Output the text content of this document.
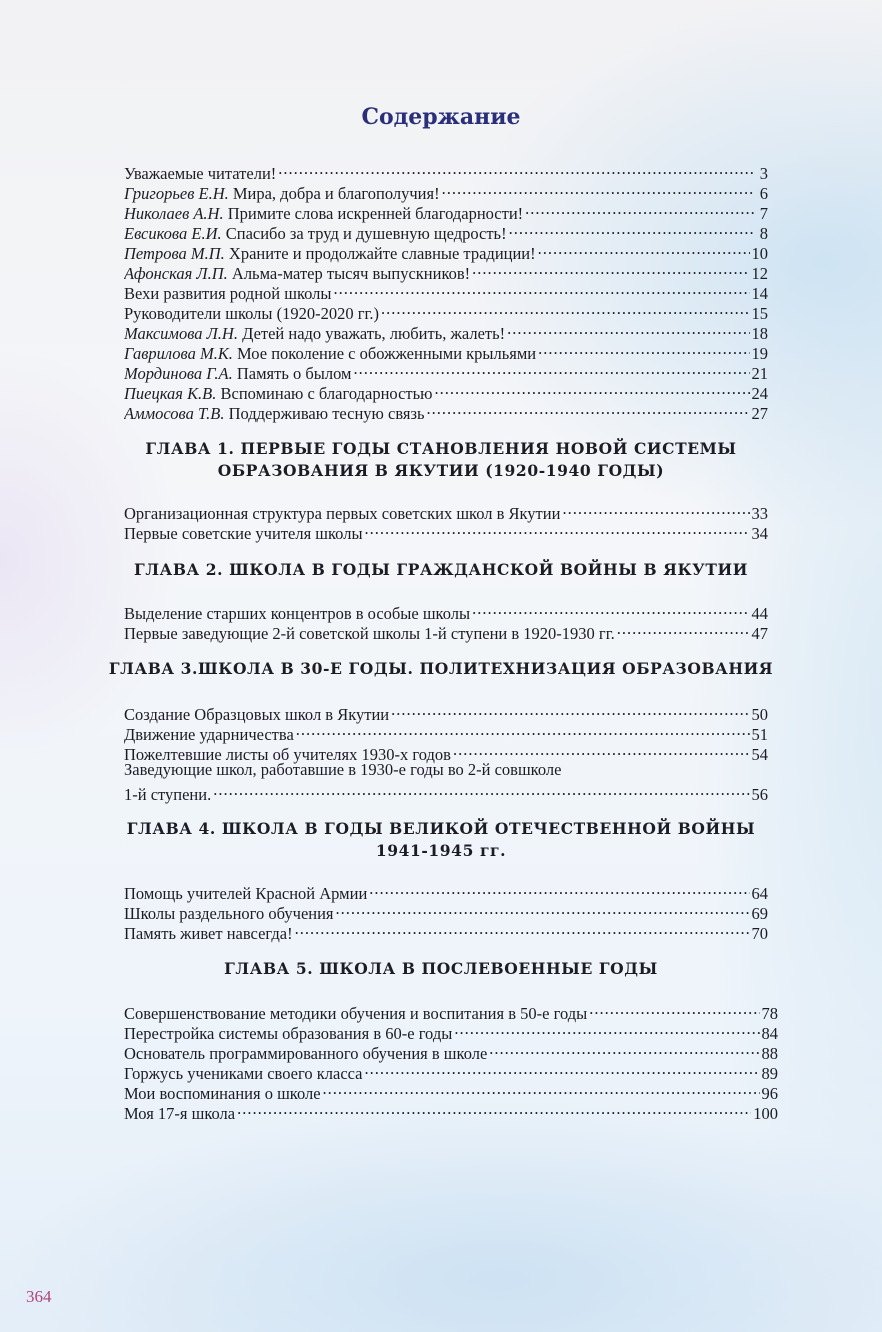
Содержание
Уважаемые читатели! .....	3
Григорьев Е.Н. Мира, добра и благополучия! .....	6
Николаев А.Н. Примите слова искренней благодарности! .....	7
Евсикова Е.И. Спасибо за труд и душевную щедрость! .....	8
Петрова М.П. Храните и продолжайте славные традиции! .....	10
Афонская Л.П. Альма-матер тысяч выпускников! .....	12
Вехи развития родной школы .....	14
Руководители школы (1920-2020 гг.) .....	15
Максимова Л.Н. Детей надо уважать, любить, жалеть! .....	18
Гаврилова М.К. Мое поколение с обожженными крыльями .....	19
Мординова Г.А. Память о былом .....	21
Пиецкая К.В. Вспоминаю с благодарностью .....	24
Аммосова Т.В. Поддерживаю тесную связь .....	27
ГЛАВА 1. ПЕРВЫЕ ГОДЫ СТАНОВЛЕНИЯ НОВОЙ СИСТЕМЫ
ОБРАЗОВАНИЯ В ЯКУТИИ (1920-1940 ГОДЫ)
Организационная структура первых советских школ в Якутии .....	33
Первые советские учителя школы .....	34
ГЛАВА 2. ШКОЛА В ГОДЫ ГРАЖДАНСКОЙ ВОЙНЫ В ЯКУТИИ
Выделение старших концентров в особые школы .....	44
Первые заведующие 2-й советской школы 1-й ступени в 1920-1930 гг. .....	47
ГЛАВА 3.ШКОЛА В 30-Е ГОДЫ. ПОЛИТЕХНИЗАЦИЯ ОБРАЗОВАНИЯ
Создание Образцовых школ в Якутии .....	50
Движение ударничества .....	51
Пожелтевшие листы об учителях 1930-х годов .....	54
Заведующие школ, работавшие в 1930-е годы во 2-й совшколе
1-й ступени. .....	56
ГЛАВА 4. ШКОЛА В ГОДЫ ВЕЛИКОЙ ОТЕЧЕСТВЕННОЙ ВОЙНЫ
1941-1945 гг.
Помощь учителей Красной Армии .....	64
Школы раздельного обучения .....	69
Память живет навсегда! .....	70
ГЛАВА 5. ШКОЛА В ПОСЛЕВОЕННЫЕ ГОДЫ
Совершенствование методики обучения и воспитания в 50-е годы .....	78
Перестройка системы образования в 60-е годы .....	84
Основатель программированного обучения в школе .....	88
Горжусь учениками своего класса .....	89
Мои воспоминания о школе .....	96
Моя 17-я школа .....	100
364
